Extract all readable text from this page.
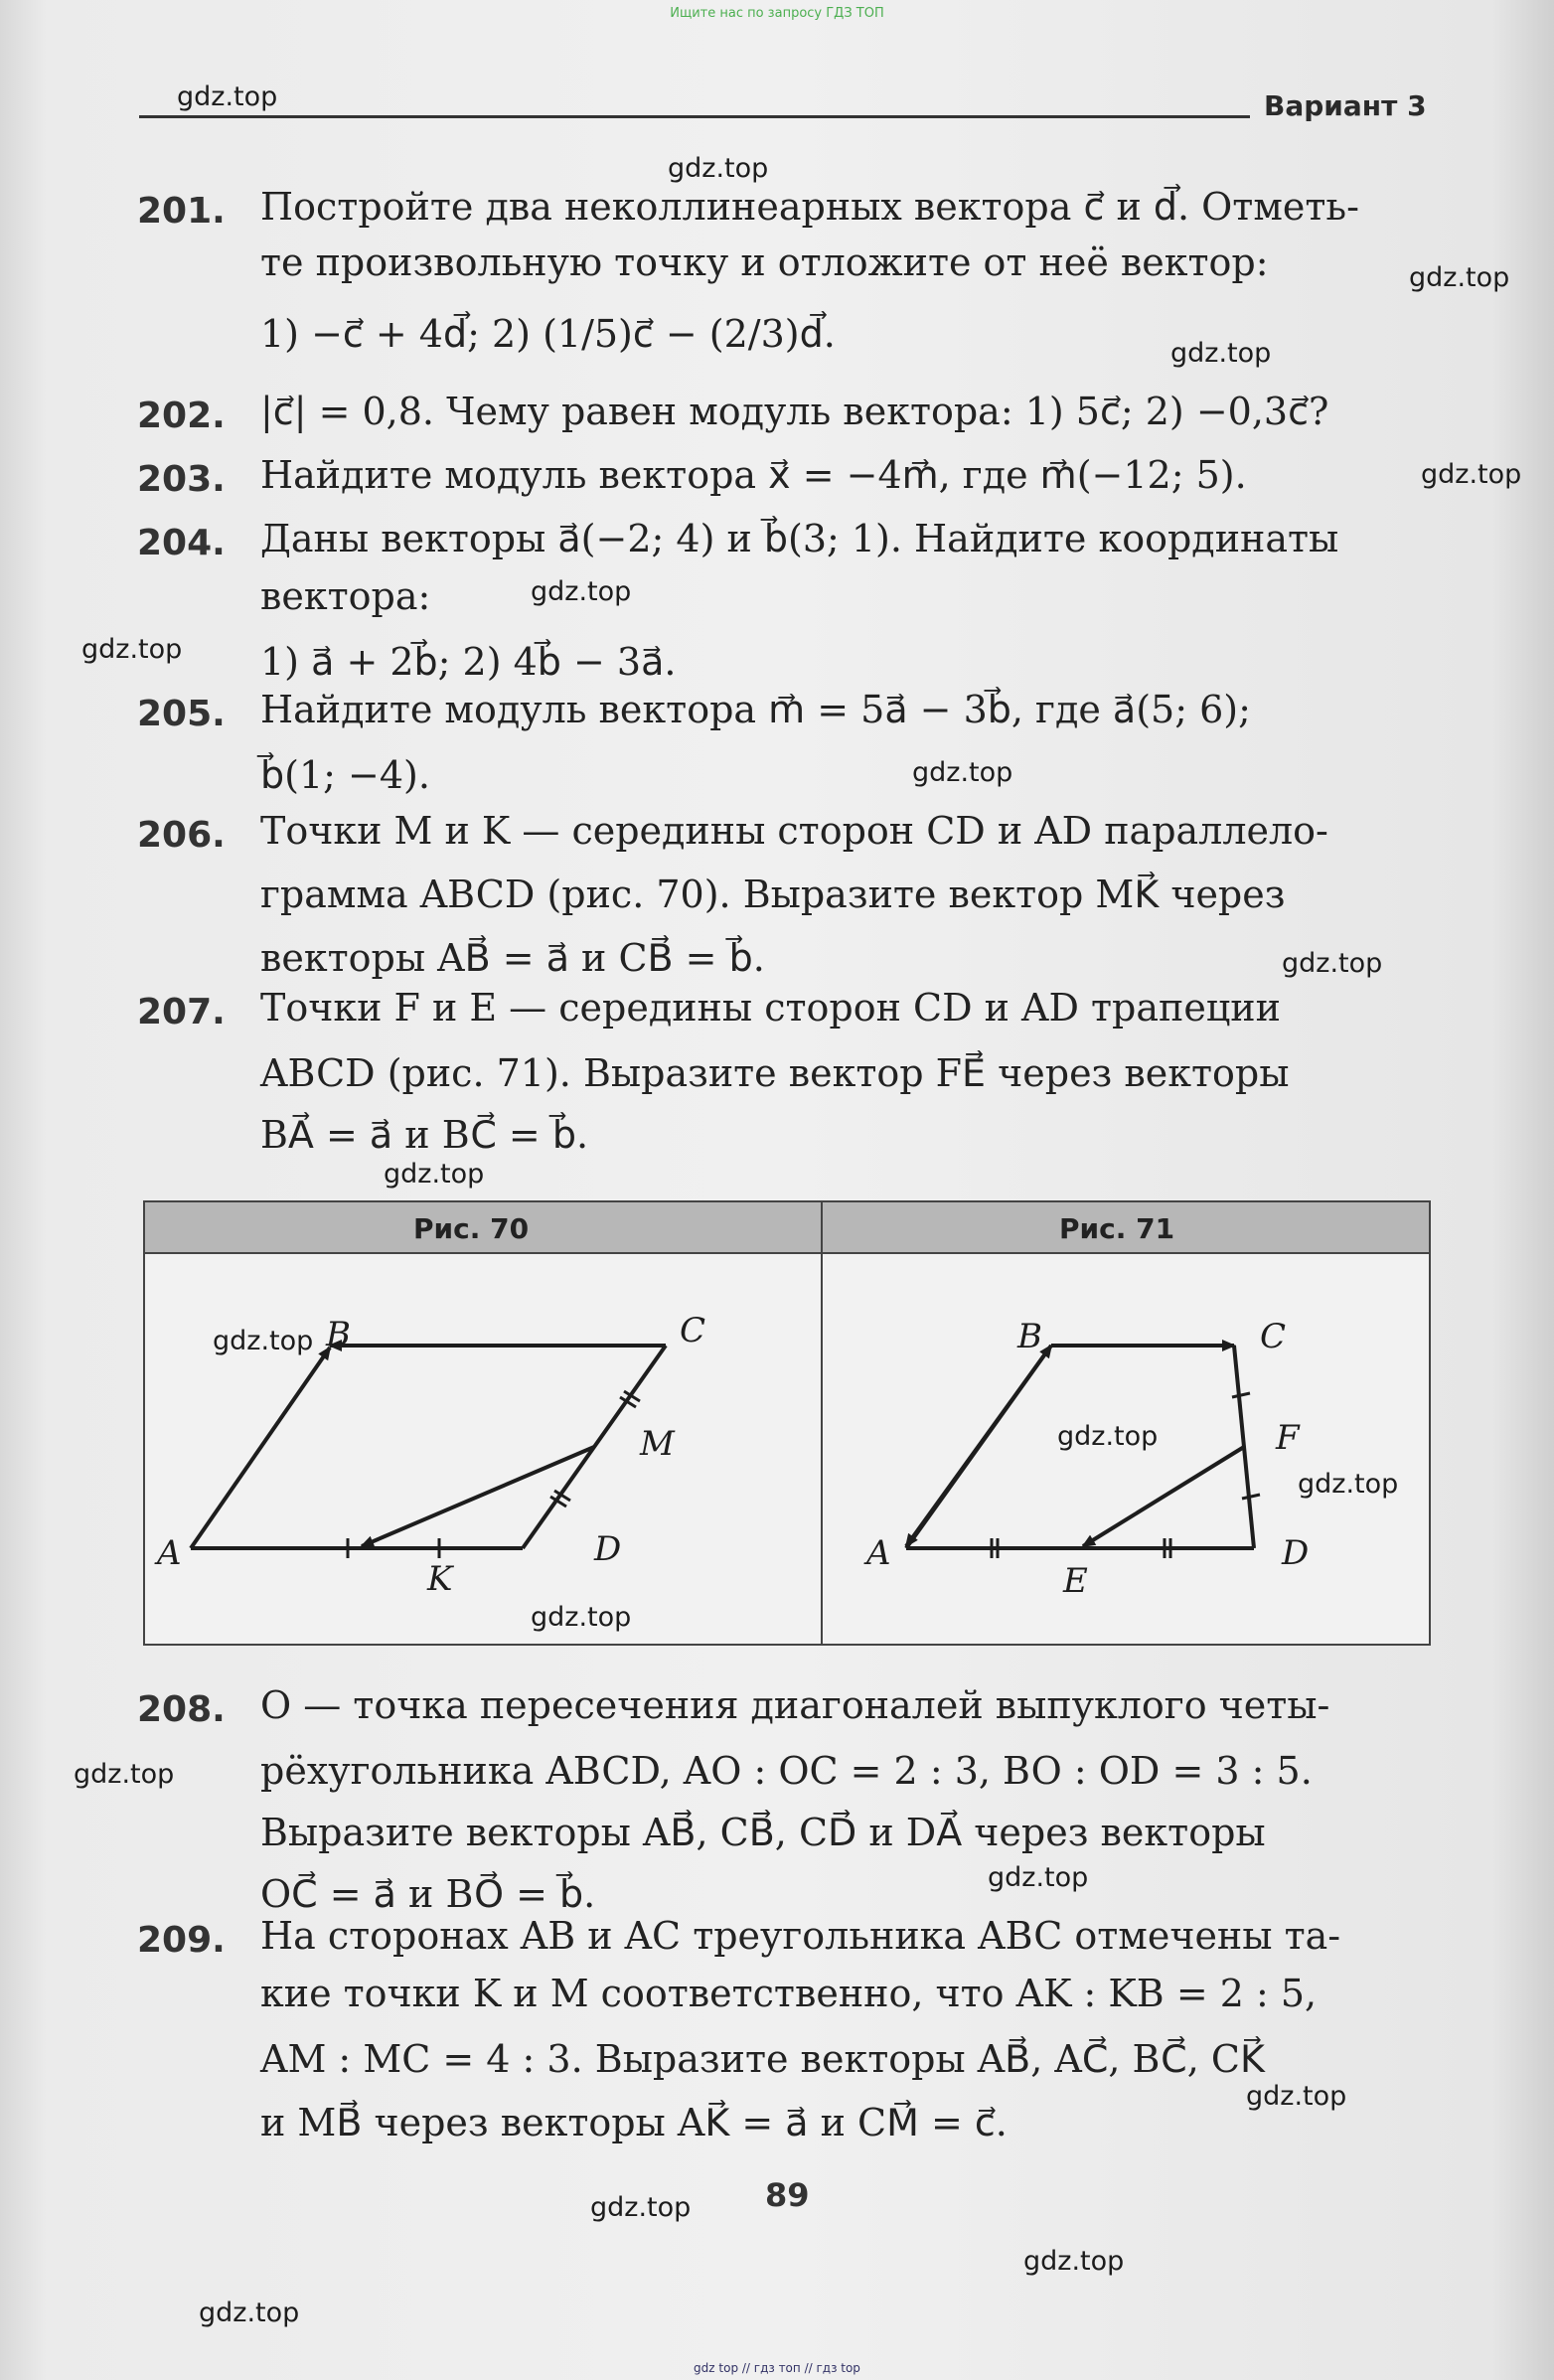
Ищите нас по запросу ГДЗ ТОП
Вариант 3
201. Постройте два неколлинеарных вектора c⃗ и d⃗. Отметь-
те произвольную точку и отложите от неё вектор:
1) −c⃗ + 4d⃗; 2) (1/5)c⃗ − (2/3)d⃗.
202. |c⃗| = 0,8. Чему равен модуль вектора: 1) 5c⃗; 2) −0,3c⃗?
203. Найдите модуль вектора x⃗ = −4m⃗, где m⃗(−12; 5).
204. Даны векторы a⃗(−2; 4) и b⃗(3; 1). Найдите координаты
вектора:
1) a⃗ + 2b⃗; 2) 4b⃗ − 3a⃗.
205. Найдите модуль вектора m⃗ = 5a⃗ − 3b⃗, где a⃗(5; 6);
b⃗(1; −4).
206. Точки M и K — середины сторон CD и AD параллело-
грамма ABCD (рис. 70). Выразите вектор MK⃗ через
векторы AB⃗ = a⃗ и CB⃗ = b⃗.
207. Точки F и E — середины сторон CD и AD трапеции
ABCD (рис. 71). Выразите вектор FE⃗ через векторы
BA⃗ = a⃗ и BC⃗ = b⃗.
Рис. 70	Рис. 71
A
B	C
D
M
K
A
B	C
D
E
F
208. O — точка пересечения диагоналей выпуклого четы-
рёхугольника ABCD, AO : OC = 2 : 3, BO : OD = 3 : 5.
Выразите векторы AB⃗, CB⃗, CD⃗ и DA⃗ через векторы
OC⃗ = a⃗ и BO⃗ = b⃗.
209. На сторонах AB и AC треугольника ABC отмечены та-
кие точки K и M соответственно, что AK : KB = 2 : 5,
AM : MC = 4 : 3. Выразите векторы AB⃗, AC⃗, BC⃗, CK⃗
и MB⃗ через векторы AK⃗ = a⃗ и CM⃗ = c⃗.
89
gdz.top
gdz.top
gdz.top
gdz.top
gdz.top
gdz.top
gdz.top
gdz.top
gdz.top
gdz.top
gdz.top
gdz.top
gdz.top
gdz.top
gdz.top
gdz.top
gdz.top
gdz.top
gdz.top
gdz.top
gdz top // гдз топ // гдз top
